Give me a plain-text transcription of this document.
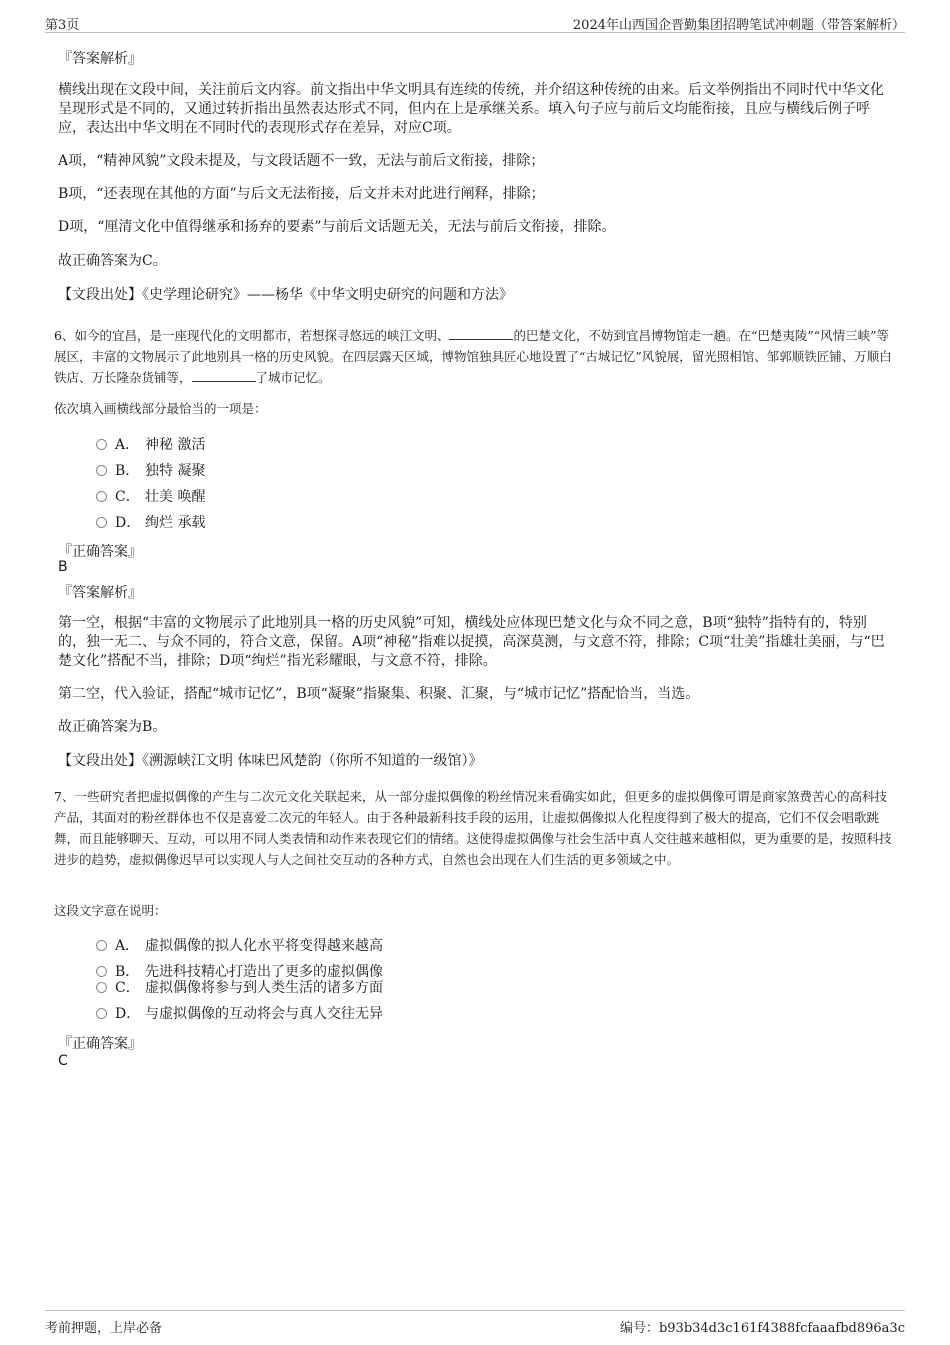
第3页	2024年山西国企晋勤集团招聘笔试冲刺题（带答案解析）
『答案解析』
横线出现在文段中间，关注前后文内容。前文指出中华文明具有连续的传统，并介绍这种传统的由来。后文举例指出不同时代中华文化呈现形式是不同的，又通过转折指出虽然表达形式不同，但内在上是承继关系。填入句子应与前后文均能衔接，且应与横线后例子呼应，表达出中华文明在不同时代的表现形式存在差异，对应C项。
A项，“精神风貌”文段未提及，与文段话题不一致，无法与前后文衔接，排除；
B项，“还表现在其他的方面”与后文无法衔接，后文并未对此进行阐释，排除；
D项，“厘清文化中值得继承和扬弃的要素”与前后文话题无关，无法与前后文衔接，排除。
故正确答案为C。
【文段出处】《史学理论研究》——杨华《中华文明史研究的问题和方法》
6、如今的宜昌，是一座现代化的文明都市，若想探寻悠远的峡江文明、	的巴楚文化，不妨到宜昌博物馆走一趟。在“巴楚夷陵”“风情三峡”等展区，丰富的文物展示了此地别具一格的历史风貌。在四层露天区域，博物馆独具匠心地设置了“古城记忆”风貌展，留光照相馆、邹郭顺铁匠铺、万顺白铁店、万长隆杂货铺等，	了城市记忆。
依次填入画横线部分最恰当的一项是：
A． 神秘 激活
B． 独特 凝聚
C． 壮美 唤醒
D． 绚烂 承载
『正确答案』
B
『答案解析』
第一空，根据“丰富的文物展示了此地别具一格的历史风貌”可知，横线处应体现巴楚文化与众不同之意，B项“独特”指特有的，特别的，独一无二、与众不同的，符合文意，保留。A项“神秘”指难以捉摸，高深莫测，与文意不符，排除；C项“壮美”指雄壮美丽，与“巴楚文化”搭配不当，排除；D项“绚烂”指光彩耀眼，与文意不符，排除。
第二空，代入验证，搭配“城市记忆”，B项“凝聚”指聚集、积聚、汇聚，与“城市记忆”搭配恰当，当选。
故正确答案为B。
【文段出处】《溯源峡江文明 体味巴风楚韵（你所不知道的一级馆）》
7、一些研究者把虚拟偶像的产生与二次元文化关联起来，从一部分虚拟偶像的粉丝情况来看确实如此，但更多的虚拟偶像可谓是商家煞费苦心的高科技产品，其面对的粉丝群体也不仅是喜爱二次元的年轻人。由于各种最新科技手段的运用，让虚拟偶像拟人化程度得到了极大的提高，它们不仅会唱歌跳舞，而且能够聊天、互动，可以用不同人类表情和动作来表现它们的情绪。这使得虚拟偶像与社会生活中真人交往越来越相似，更为重要的是，按照科技进步的趋势，虚拟偶像迟早可以实现人与人之间社交互动的各种方式，自然也会出现在人们生活的更多领域之中。
这段文字意在说明：
A． 虚拟偶像的拟人化水平将变得越来越高
B． 先进科技精心打造出了更多的虚拟偶像
C． 虚拟偶像将参与到人类生活的诸多方面
D． 与虚拟偶像的互动将会与真人交往无异
『正确答案』
C
考前押题，上岸必备	编号：b93b34d3c161f4388fcfaaafbd896a3c
